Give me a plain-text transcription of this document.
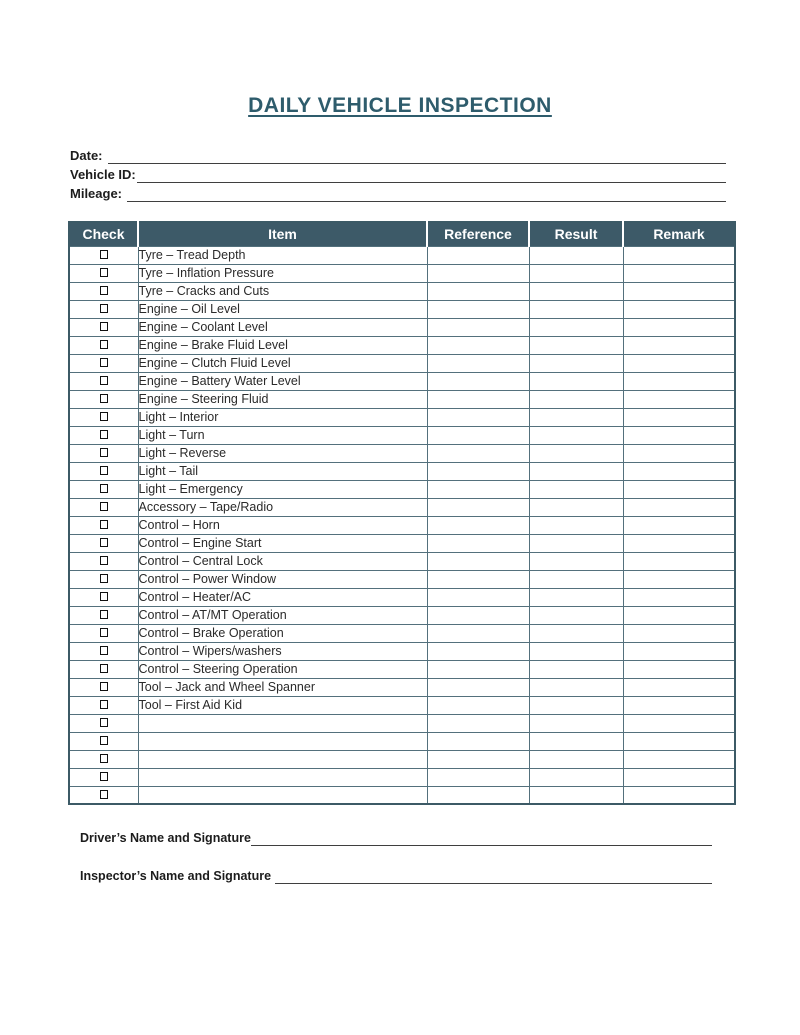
DAILY VEHICLE INSPECTION
Date:
Vehicle ID:
Mileage:
Check	Item	Reference	Result	Remark
	Tyre – Tread Depth			
	Tyre – Inflation Pressure			
	Tyre – Cracks and Cuts			
	Engine – Oil Level			
	Engine – Coolant Level			
	Engine – Brake Fluid Level			
	Engine – Clutch Fluid Level			
	Engine – Battery Water Level			
	Engine – Steering Fluid			
	Light – Interior			
	Light – Turn			
	Light – Reverse			
	Light – Tail			
	Light – Emergency			
	Accessory – Tape/Radio			
	Control – Horn			
	Control – Engine Start			
	Control – Central Lock			
	Control – Power Window			
	Control – Heater/AC			
	Control – AT/MT Operation			
	Control – Brake Operation			
	Control – Wipers/washers			
	Control – Steering Operation			
	Tool – Jack and Wheel Spanner			
	Tool – First Aid Kid			

Driver’s Name and Signature
Inspector’s Name and Signature
